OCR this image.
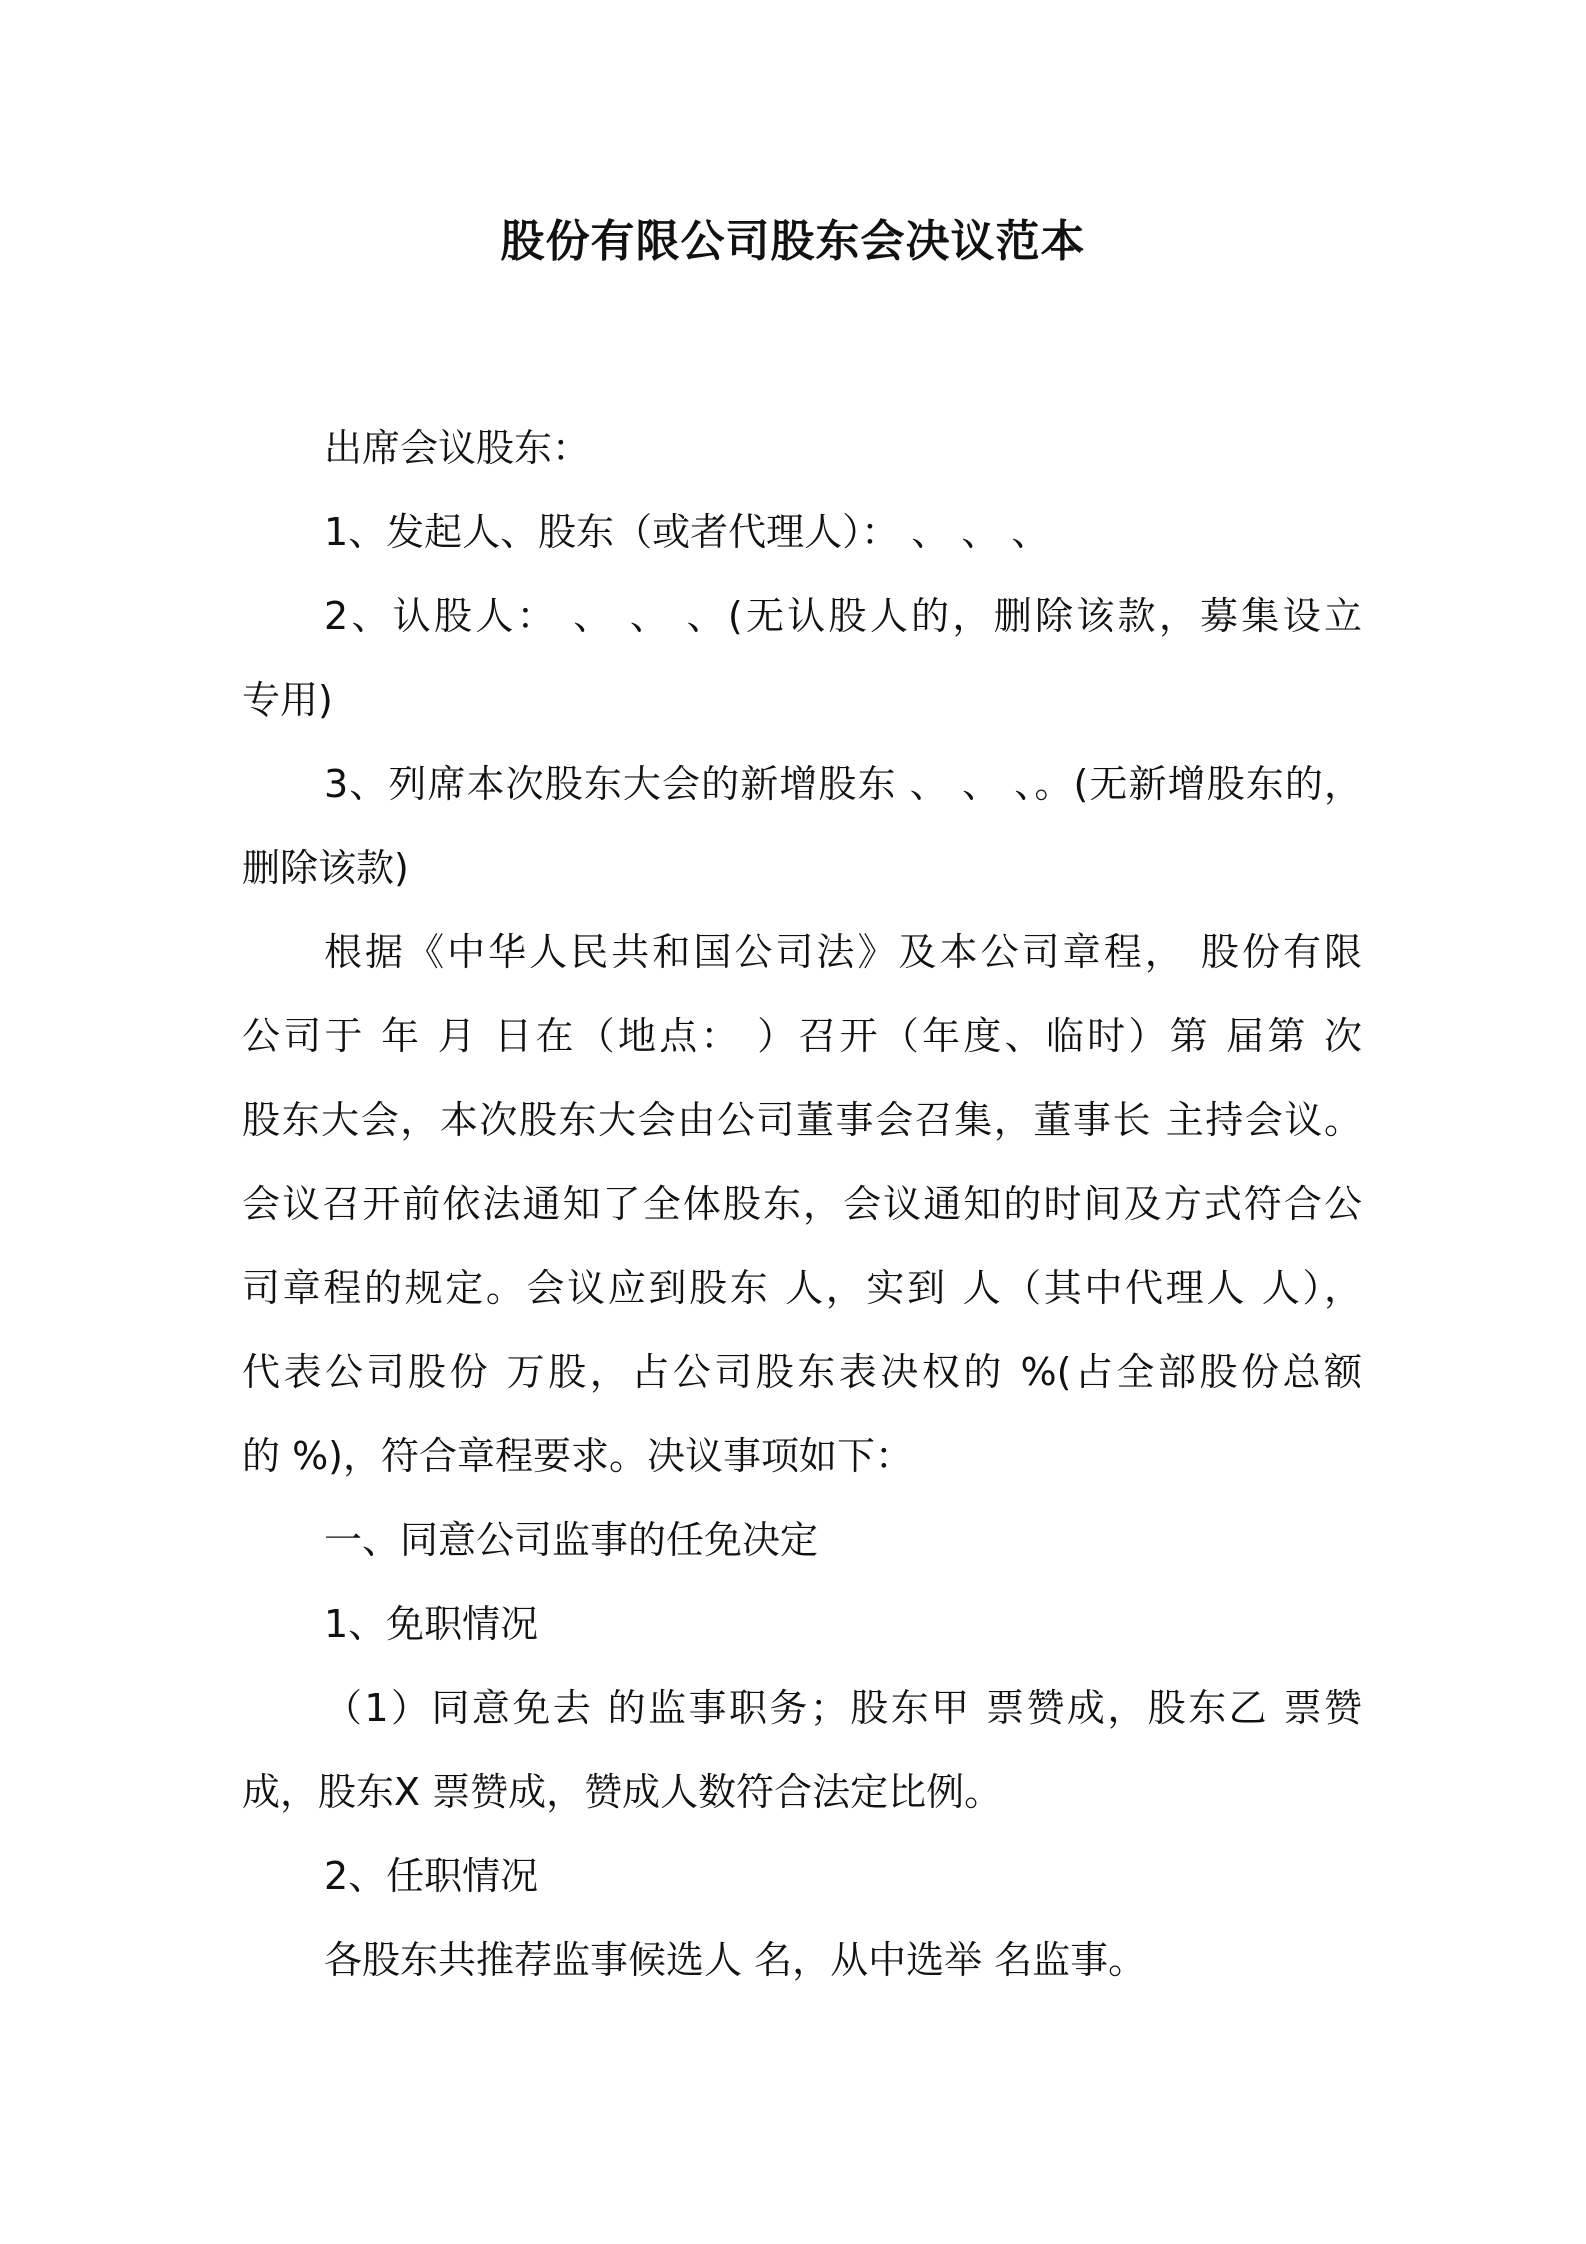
股份有限公司股东会决议范本
出席会议股东：
1、发起人、股东（或者代理人）： 、 、 、
2、认股人： 、 、 、(无认股人的，删除该款，募集设立
专用)
3、列席本次股东大会的新增股东 、 、 、。(无新增股东的，
删除该款)
根据《中华人民共和国公司法》及本公司章程， 股份有限
公司于 年 月 日在（地点： ）召开（年度、临时）第 届第 次
股东大会，本次股东大会由公司董事会召集，董事长 主持会议。
会议召开前依法通知了全体股东，会议通知的时间及方式符合公
司章程的规定。会议应到股东 人，实到 人（其中代理人 人），
代表公司股份 万股，占公司股东表决权的 %(占全部股份总额
的 %)，符合章程要求。决议事项如下：
一、同意公司监事的任免决定
1、免职情况
（1）同意免去 的监事职务；股东甲 票赞成，股东乙 票赞
成，股东X 票赞成，赞成人数符合法定比例。
2、任职情况
各股东共推荐监事候选人 名，从中选举 名监事。
